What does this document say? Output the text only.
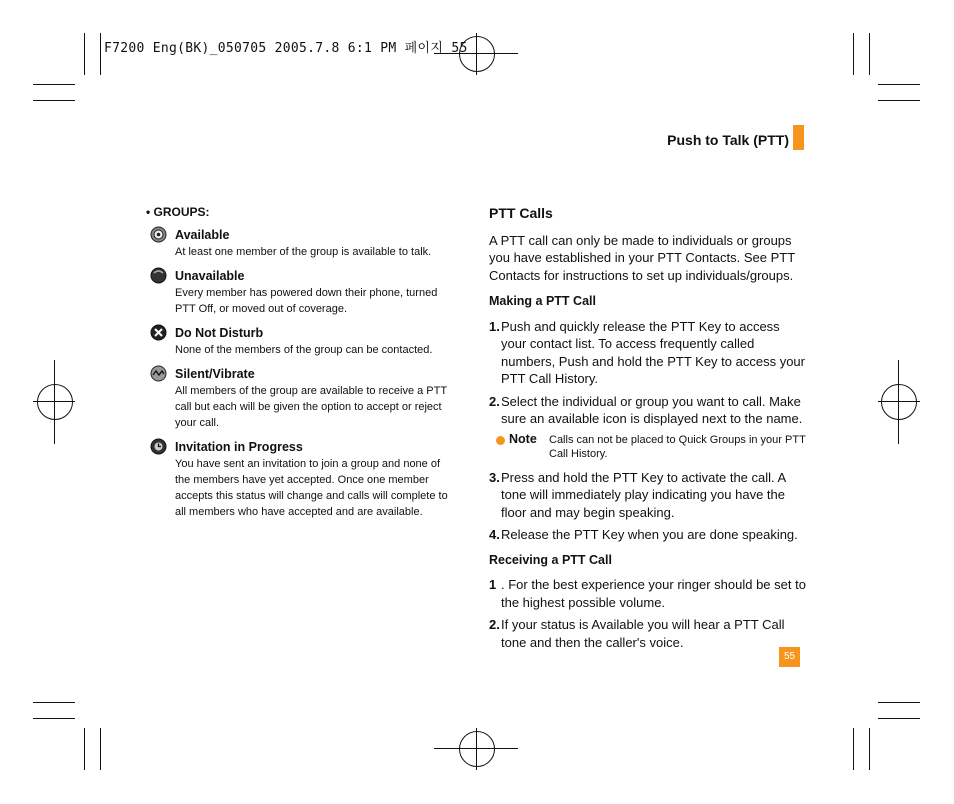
F7200 Eng(BK)_050705 2005.7.8 6:1 PM 페이지 55
Push to Talk (PTT)
• GROUPS:
Available
At least one member of the group is available to talk.
Unavailable
Every member has powered down their phone, turned PTT Off, or moved out of coverage.
Do Not Disturb
None of the members of the group can be contacted.
Silent/Vibrate
All members of the group are available to receive a PTT call but each will be given the option to accept or reject your call.
Invitation in Progress
You have sent an invitation to join a group and none of the members have yet accepted. Once one member accepts this status will change and calls will complete to all members who have accepted and are available.
PTT Calls
A PTT call can only be made to individuals or groups you have established in your PTT Contacts. See PTT Contacts for instructions to set up individuals/groups.
Making a PTT Call
1. Push and quickly release the PTT Key to access your contact list. To access frequently called numbers, Push and hold the PTT Key to access your PTT Call History.
2. Select the individual or group you want to call. Make sure an available icon is displayed next to the name.
Note Calls can not be placed to Quick Groups in your PTT Call History.
3. Press and hold the PTT Key to activate the call. A tone will immediately play indicating you have the floor and may begin speaking.
4. Release the PTT Key when you are done speaking.
Receiving a PTT Call
1 . For the best experience your ringer should be set to the highest possible volume.
2. If your status is Available you will hear a PTT Call tone and then the caller's voice.
55
